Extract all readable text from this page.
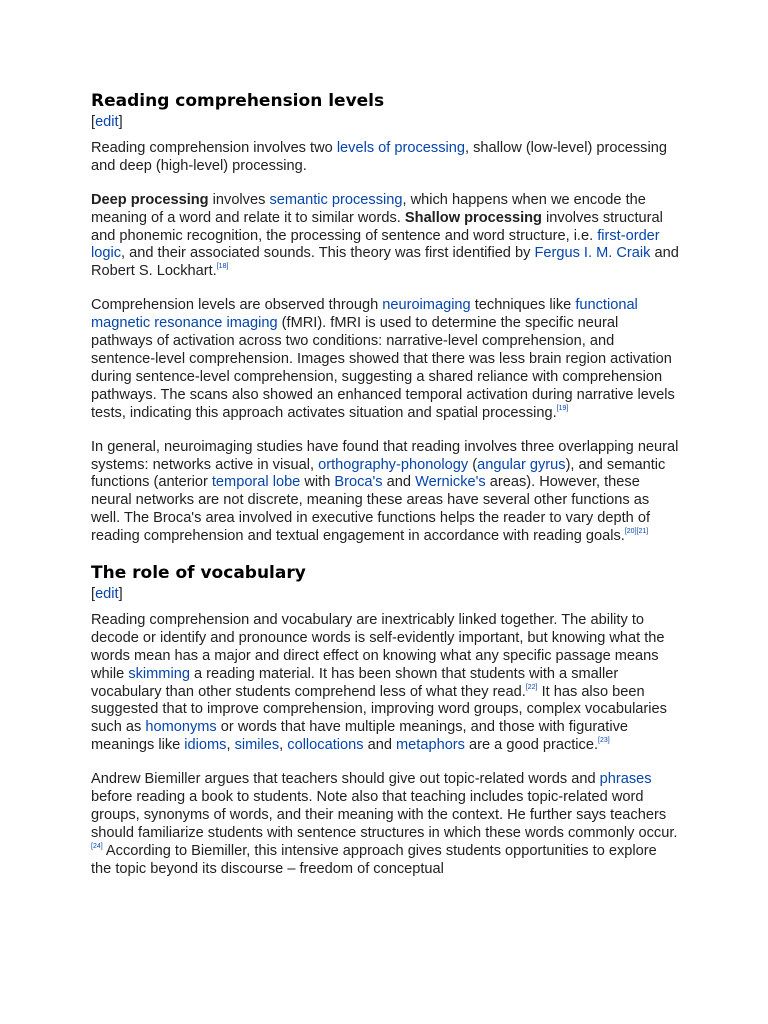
Reading comprehension levels
[edit]

Reading comprehension involves two levels of processing, shallow (low-level) processing and deep (high-level) processing.

Deep processing involves semantic processing, which happens when we encode the meaning of a word and relate it to similar words. Shallow processing involves structural and phonemic recognition, the processing of sentence and word structure, i.e. first-order logic, and their associated sounds. This theory was first identified by Fergus I. M. Craik and Robert S. Lockhart.[18]

Comprehension levels are observed through neuroimaging techniques like functional magnetic resonance imaging (fMRI). fMRI is used to determine the specific neural pathways of activation across two conditions: narrative-level comprehension, and sentence-level comprehension. Images showed that there was less brain region activation during sentence-level comprehension, suggesting a shared reliance with comprehension pathways. The scans also showed an enhanced temporal activation during narrative levels tests, indicating this approach activates situation and spatial processing.[19]

In general, neuroimaging studies have found that reading involves three overlapping neural systems: networks active in visual, orthography-phonology (angular gyrus), and semantic functions (anterior temporal lobe with Broca's and Wernicke's areas). However, these neural networks are not discrete, meaning these areas have several other functions as well. The Broca's area involved in executive functions helps the reader to vary depth of reading comprehension and textual engagement in accordance with reading goals.[20][21]

The role of vocabulary
[edit]

Reading comprehension and vocabulary are inextricably linked together. The ability to decode or identify and pronounce words is self-evidently important, but knowing what the words mean has a major and direct effect on knowing what any specific passage means while skimming a reading material. It has been shown that students with a smaller vocabulary than other students comprehend less of what they read.[22] It has also been suggested that to improve comprehension, improving word groups, complex vocabularies such as homonyms or words that have multiple meanings, and those with figurative meanings like idioms, similes, collocations and metaphors are a good practice.[23]

Andrew Biemiller argues that teachers should give out topic-related words and phrases before reading a book to students. Note also that teaching includes topic-related word groups, synonyms of words, and their meaning with the context. He further says teachers should familiarize students with sentence structures in which these words commonly occur.[24] According to Biemiller, this intensive approach gives students opportunities to explore the topic beyond its discourse – freedom of conceptual
